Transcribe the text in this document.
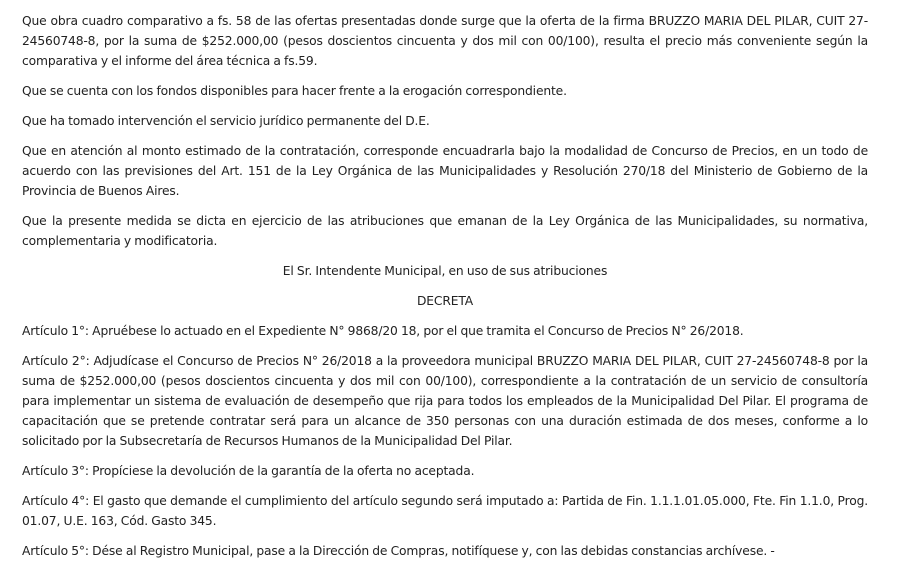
Que obra cuadro comparativo a fs. 58 de las ofertas presentadas donde surge que la oferta de la firma BRUZZO MARIA DEL PILAR, CUIT 27-24560748-8, por la suma de $252.000,00 (pesos doscientos cincuenta y dos mil con 00/100), resulta el precio más conveniente según la comparativa y el informe del área técnica a fs.59.

Que se cuenta con los fondos disponibles para hacer frente a la erogación correspondiente.

Que ha tomado intervención el servicio jurídico permanente del D.E.

Que en atención al monto estimado de la contratación, corresponde encuadrarla bajo la modalidad de Concurso de Precios, en un todo de acuerdo con las previsiones del Art. 151 de la Ley Orgánica de las Municipalidades y Resolución 270/18 del Ministerio de Gobierno de la Provincia de Buenos Aires.

Que la presente medida se dicta en ejercicio de las atribuciones que emanan de la Ley Orgánica de las Municipalidades, su normativa, complementaria y modificatoria.

El Sr. Intendente Municipal, en uso de sus atribuciones

DECRETA

Artículo 1°: Apruébese lo actuado en el Expediente N° 9868/20 18, por el que tramita el Concurso de Precios N° 26/2018.

Artículo 2°: Adjudícase el Concurso de Precios N° 26/2018 a la proveedora municipal BRUZZO MARIA DEL PILAR, CUIT 27-24560748-8 por la suma de $252.000,00 (pesos doscientos cincuenta y dos mil con 00/100), correspondiente a la contratación de un servicio de consultoría para implementar un sistema de evaluación de desempeño que rija para todos los empleados de la Municipalidad Del Pilar. El programa de capacitación que se pretende contratar será para un alcance de 350 personas con una duración estimada de dos meses, conforme a lo solicitado por la Subsecretaría de Recursos Humanos de la Municipalidad Del Pilar.

Artículo 3°: Propíciese la devolución de la garantía de la oferta no aceptada.

Artículo 4°: El gasto que demande el cumplimiento del artículo segundo será imputado a: Partida de Fin. 1.1.1.01.05.000, Fte. Fin 1.1.0, Prog. 01.07, U.E. 163, Cód. Gasto 345.

Artículo 5°: Dése al Registro Municipal, pase a la Dirección de Compras, notifíquese y, con las debidas constancias archívese. -
